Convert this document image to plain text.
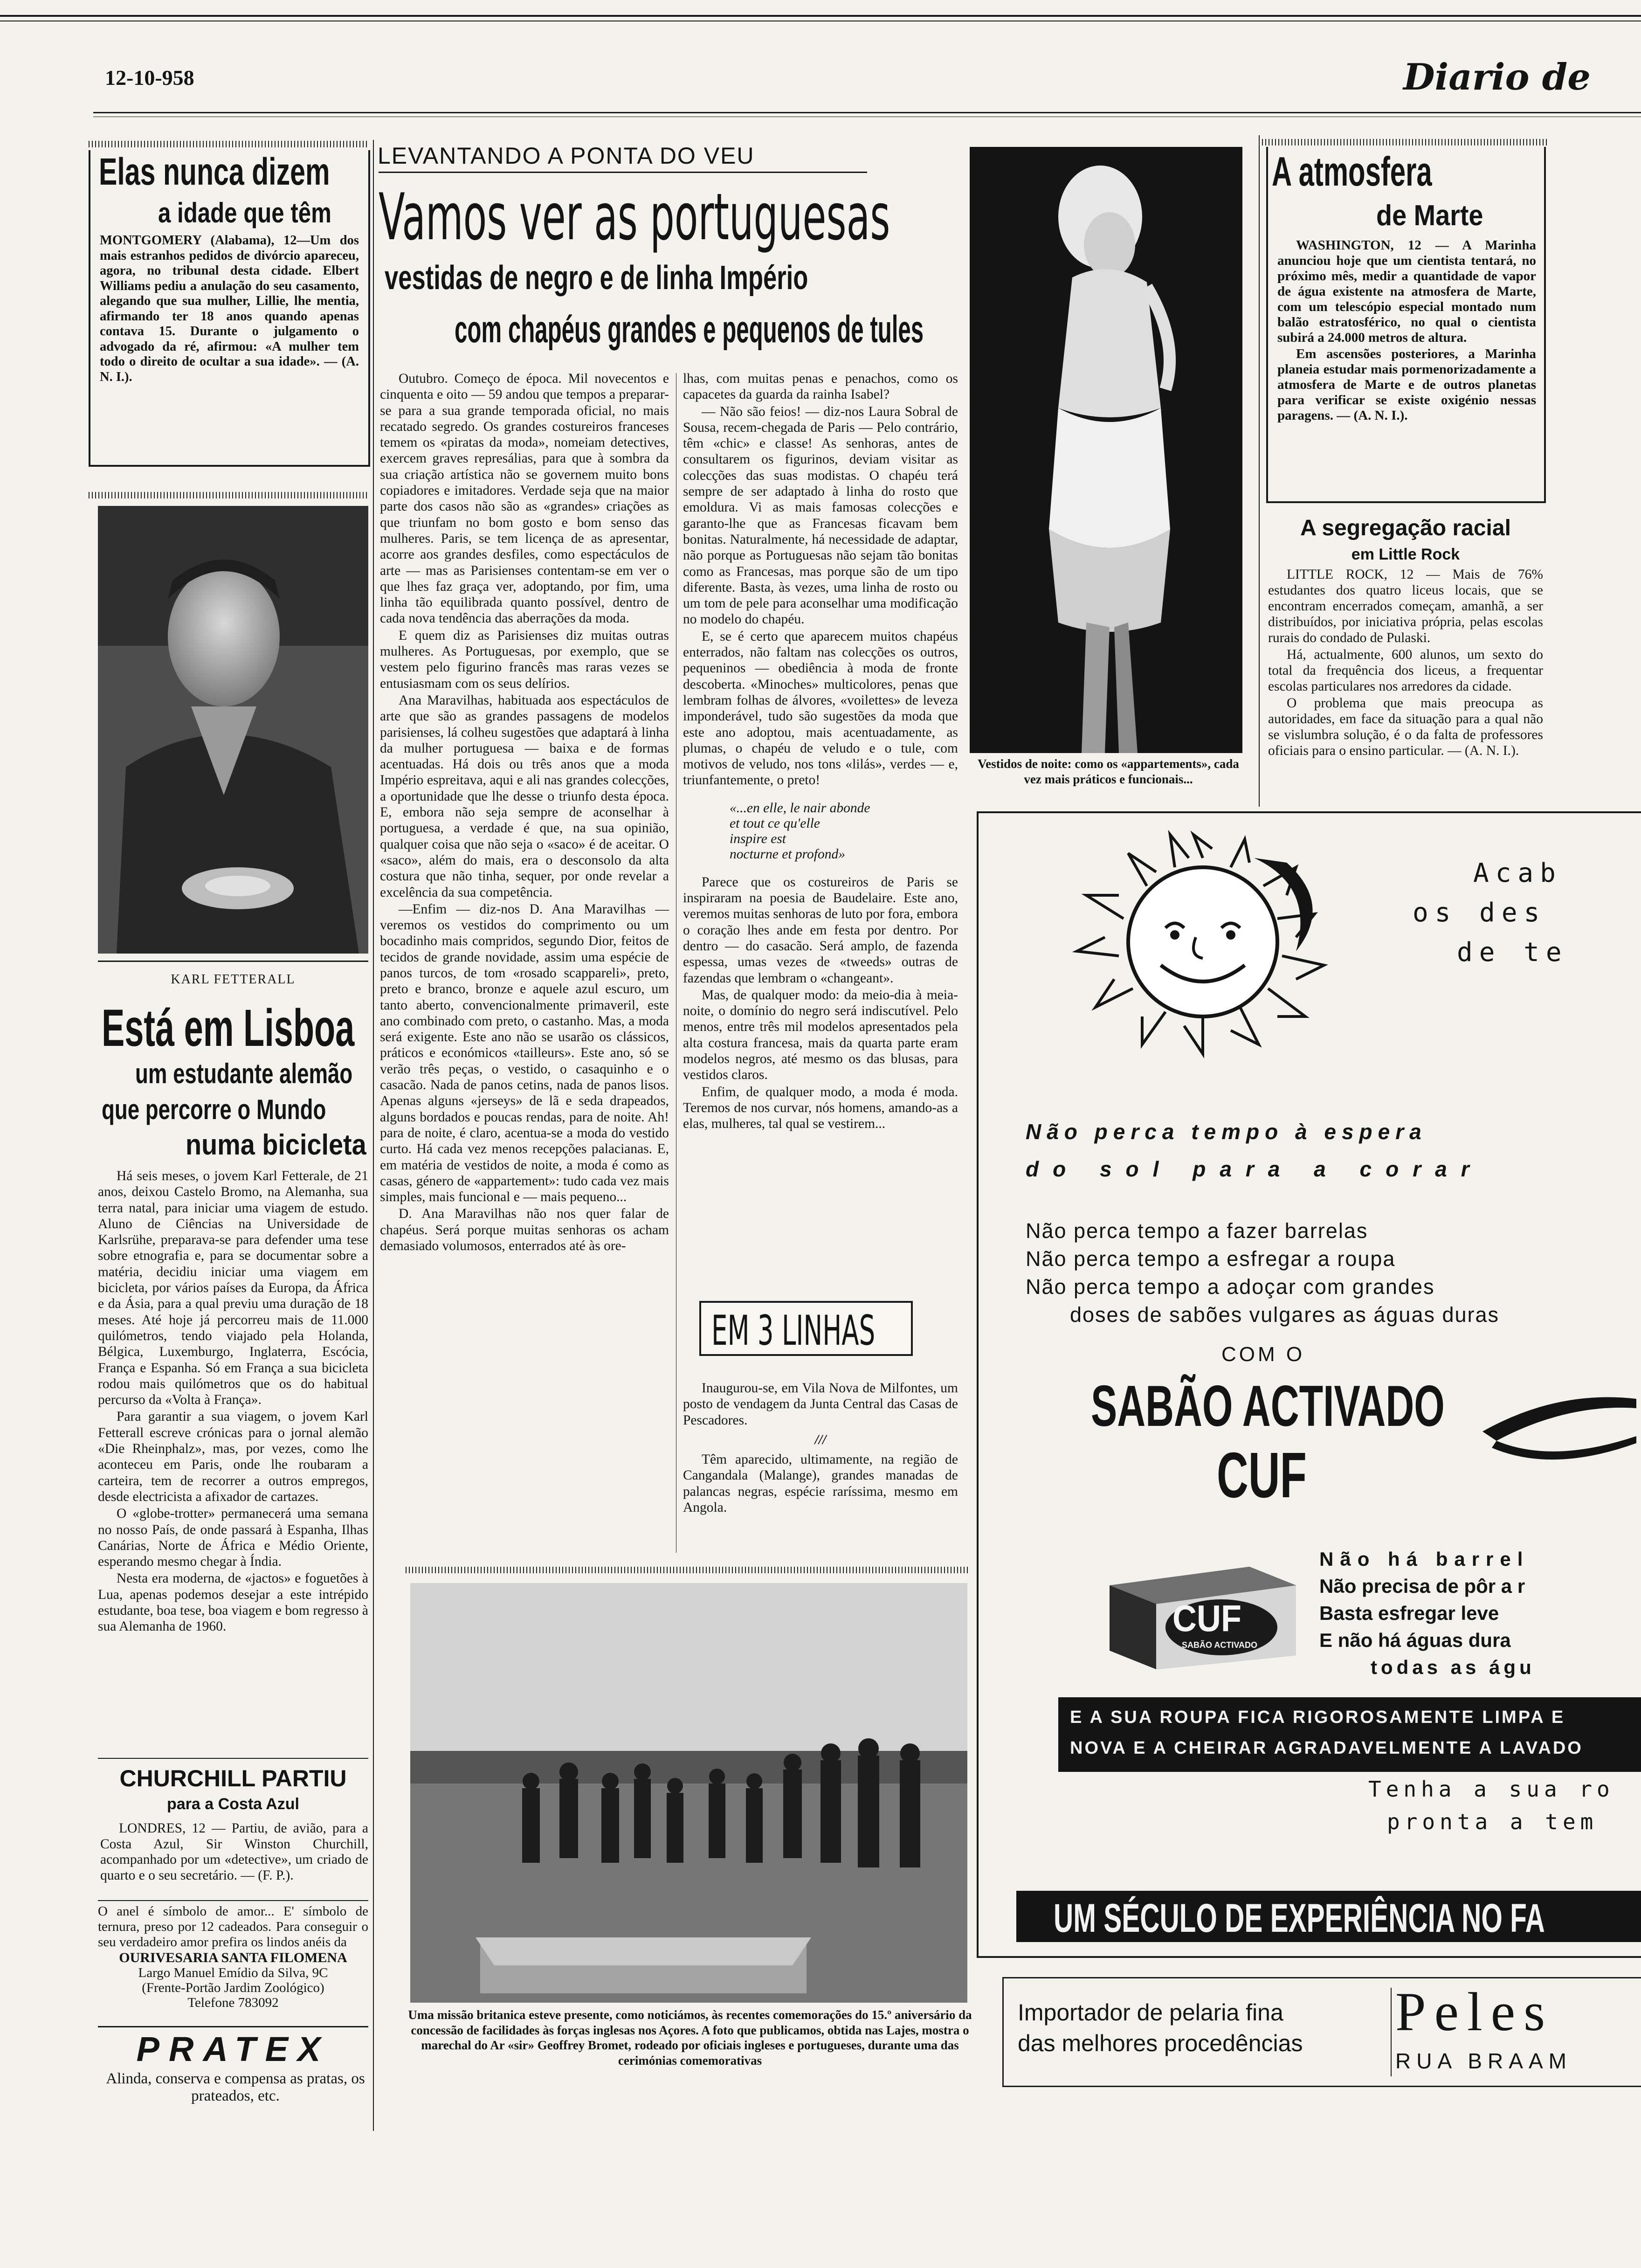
12-10-958	Diario de
Elas nunca dizem
a idade que têm
MONTGOMERY (Alabama), 12—Um dos mais estranhos pedidos de divórcio apareceu, agora, no tribunal desta cidade. Elbert Williams pediu a anulação do seu casamento, alegando que sua mulher, Lillie, lhe mentia, afirmando ter 18 anos quando apenas contava 15. Durante o julgamento o advogado da ré, afirmou: «A mulher tem todo o direito de ocultar a sua idade». — (A. N. I.).
KARL FETTERALL
Está em Lisboa
um estudante alemão
que percorre o Mundo
numa bicicleta

Há seis meses, o jovem Karl Fetterale, de 21 anos, deixou Castelo Bromo, na Alemanha, sua terra natal, para iniciar uma viagem de estudo. Aluno de Ciências na Universidade de Karlsrühe, preparava-se para defender uma tese sobre etnografia e, para se documentar sobre a matéria, decidiu iniciar uma viagem em bicicleta, por vários países da Europa, da África e da Ásia, para a qual previu uma duração de 18 meses. Até hoje já percorreu mais de 11.000 quilómetros, tendo viajado pela Holanda, Bélgica, Luxemburgo, Inglaterra, Escócia, França e Espanha. Só em França a sua bicicleta rodou mais quilómetros que os do habitual percurso da «Volta à França».

Para garantir a sua viagem, o jovem Karl Fetterall escreve crónicas para o jornal alemão «Die Rheinphalz», mas, por vezes, como lhe aconteceu em Paris, onde lhe roubaram a carteira, tem de recorrer a outros empregos, desde electricista a afixador de cartazes.

O «globe-trotter» permanecerá uma semana no nosso País, de onde passará à Espanha, Ilhas Canárias, Norte de África e Médio Oriente, esperando mesmo chegar à Índia.

Nesta era moderna, de «jactos» e foguetões à Lua, apenas podemos desejar a este intrépido estudante, boa tese, boa viagem e bom regresso à sua Alemanha de 1960.

CHURCHILL PARTIU
para a Costa Azul

LONDRES, 12 — Partiu, de avião, para a Costa Azul, Sir Winston Churchill, acompanhado por um «detective», um criado de quarto e o seu secretário. — (F. P.).

O anel é símbolo de amor... E' símbolo de ternura, preso por 12 cadeados. Para conseguir o seu verdadeiro amor prefira os lindos anéis da
OURIVESARIA SANTA FILOMENA
Largo Manuel Emídio da Silva, 9C
(Frente-Portão Jardim Zoológico)
Telefone 783092
PRATEX
Alinda, conserva e compensa as pratas, os prateados, etc.
LEVANTANDO A PONTA DO VEU
Vamos ver as portuguesas
vestidas de negro e de linha Império
com chapéus grandes e pequenos de tules

Outubro. Começo de época. Mil novecentos e cinquenta e oito — 59 andou que tempos a preparar-se para a sua grande temporada oficial, no mais recatado segredo. Os grandes costureiros franceses temem os «piratas da moda», nomeiam detectives, exercem graves represálias, para que à sombra da sua criação artística não se governem muito bons copiadores e imitadores. Verdade seja que na maior parte dos casos não são as «grandes» criações as que triunfam no bom gosto e bom senso das mulheres. Paris, se tem licença de as apresentar, acorre aos grandes desfiles, como espectáculos de arte — mas as Parisienses contentam-se em ver o que lhes faz graça ver, adoptando, por fim, uma linha tão equilibrada quanto possível, dentro de cada nova tendência das aberrações da moda.

E quem diz as Parisienses diz muitas outras mulheres. As Portuguesas, por exemplo, que se vestem pelo figurino francês mas raras vezes se entusiasmam com os seus delírios.

Ana Maravilhas, habituada aos espectáculos de arte que são as grandes passagens de modelos parisienses, lá colheu sugestões que adaptará à linha da mulher portuguesa — baixa e de formas acentuadas. Há dois ou três anos que a moda Império espreitava, aqui e ali nas grandes colecções, a oportunidade que lhe desse o triunfo desta época. E, embora não seja sempre de aconselhar à portuguesa, a verdade é que, na sua opinião, qualquer coisa que não seja o «saco» é de aceitar. O «saco», além do mais, era o desconsolo da alta costura que não tinha, sequer, por onde revelar a excelência da sua competência.

—Enfim — diz-nos D. Ana Maravilhas — veremos os vestidos do comprimento ou um bocadinho mais compridos, segundo Dior, feitos de tecidos de grande novidade, assim uma espécie de panos turcos, de tom «rosado scappareli», preto, preto e branco, bronze e aquele azul escuro, um tanto aberto, convencionalmente primaveril, este ano combinado com preto, o castanho. Mas, a moda será exigente. Este ano não se usarão os clássicos, práticos e económicos «tailleurs». Este ano, só se verão três peças, o vestido, o casaquinho e o casacão. Nada de panos cetins, nada de panos lisos. Apenas alguns «jerseys» de lã e seda drapeados, alguns bordados e poucas rendas, para de noite. Ah! para de noite, é claro, acentua-se a moda do vestido curto. Há cada vez menos recepções palacianas. E, em matéria de vestidos de noite, a moda é como as casas, género de «appartement»: tudo cada vez mais simples, mais funcional e — mais pequeno...

D. Ana Maravilhas não nos quer falar de chapéus. Será porque muitas senhoras os acham demasiado volumosos, enterrados até às ore-

lhas, com muitas penas e penachos, como os capacetes da guarda da rainha Isabel?

— Não são feios! — diz-nos Laura Sobral de Sousa, recem-chegada de Paris — Pelo contrário, têm «chic» e classe! As senhoras, antes de consultarem os figurinos, deviam visitar as colecções das suas modistas. O chapéu terá sempre de ser adaptado à linha do rosto que emoldura. Vi as mais famosas colecções e garanto-lhe que as Francesas ficavam bem bonitas. Naturalmente, há necessidade de adaptar, não porque as Portuguesas não sejam tão bonitas como as Francesas, mas porque são de um tipo diferente. Basta, às vezes, uma linha de rosto ou um tom de pele para aconselhar uma modificação no modelo do chapéu.

E, se é certo que aparecem muitos chapéus enterrados, não faltam nas colecções os outros, pequeninos — obediência à moda de fronte descoberta. «Minoches» multicolores, penas que lembram folhas de álvores, «voilettes» de leveza imponderável, tudo são sugestões da moda que este ano adoptou, mais acentuadamente, as plumas, o chapéu de veludo e o tule, com motivos de veludo, nos tons «lilás», verdes — e, triunfantemente, o preto!

«...en elle, le nair abonde
et tout ce qu'elle
inspire est
nocturne et profond»

Parece que os costureiros de Paris se inspiraram na poesia de Baudelaire. Este ano, veremos muitas senhoras de luto por fora, embora o coração lhes ande em festa por dentro. Por dentro — do casacão. Será amplo, de fazenda espessa, umas vezes de «tweeds» outras de fazendas que lembram o «changeant».

Mas, de qualquer modo: da meio-dia à meia-noite, o domínio do negro será indiscutível. Pelo menos, entre três mil modelos apresentados pela alta costura francesa, mais da quarta parte eram modelos negros, até mesmo os das blusas, para vestidos claros.

Enfim, de qualquer modo, a moda é moda. Teremos de nos curvar, nós homens, amando-as a elas, mulheres, tal qual se vestirem...

EM 3 LINHAS

Inaugurou-se, em Vila Nova de Milfontes, um posto de vendagem da Junta Central das Casas de Pescadores.

///

Têm aparecido, ultimamente, na região de Cangandala (Malange), grandes manadas de palancas negras, espécie raríssima, mesmo em Angola.

Vestidos de noite: como os «appartements», cada vez mais práticos e funcionais...
A atmosfera
de Marte

WASHINGTON, 12 — A Marinha anunciou hoje que um cientista tentará, no próximo mês, medir a quantidade de vapor de água existente na atmosfera de Marte, com um telescópio especial montado num balão estratosférico, no qual o cientista subirá a 24.000 metros de altura.

Em ascensões posteriores, a Marinha planeia estudar mais pormenorizadamente a atmosfera de Marte e de outros planetas para verificar se existe oxigénio nessas paragens. — (A. N. I.).

A segregação racial
em Little Rock

LITTLE ROCK, 12 — Mais de 76% estudantes dos quatro liceus locais, que se encontram encerrados começam, amanhã, a ser distribuídos, por iniciativa própria, pelas escolas rurais do condado de Pulaski.

Há, actualmente, 600 alunos, um sexto do total da frequência dos liceus, a frequentar escolas particulares nos arredores da cidade.

O problema que mais preocupa as autoridades, em face da situação para a qual não se vislumbra solução, é o da falta de professores oficiais para o ensino particular. — (A. N. I.).

Acab
os des
de te
Não perca tempo à espera
do sol para a corar
Não perca tempo a fazer barrelas
Não perca tempo a esfregar a roupa
Não perca tempo a adoçar com grandes
doses de sabões vulgares as águas duras
COM O
SABÃO ACTIVADO
CUF
CUF
SABÃO ACTIVADO
Não há barrel
Não precisa de pôr a r
Basta esfregar leve
E não há águas dura
todas as águ
E A SUA ROUPA FICA RIGOROSAMENTE LIMPA E
NOVA E A CHEIRAR AGRADAVELMENTE A LAVADO
Tenha a sua ro
pronta a tem
UM SÉCULO DE EXPERIÊNCIA NO FA
Importador de pelaria fina
das melhores procedências
Peles
RUA BRAAM
Uma missão britanica esteve presente, como noticiámos, às recentes comemorações do 15.º aniversário da concessão de facilidades às forças inglesas nos Açores. A foto que publicamos, obtida nas Lajes, mostra o marechal do Ar «sir» Geoffrey Bromet, rodeado por oficiais ingleses e portugueses, durante uma das cerimónias comemorativas
